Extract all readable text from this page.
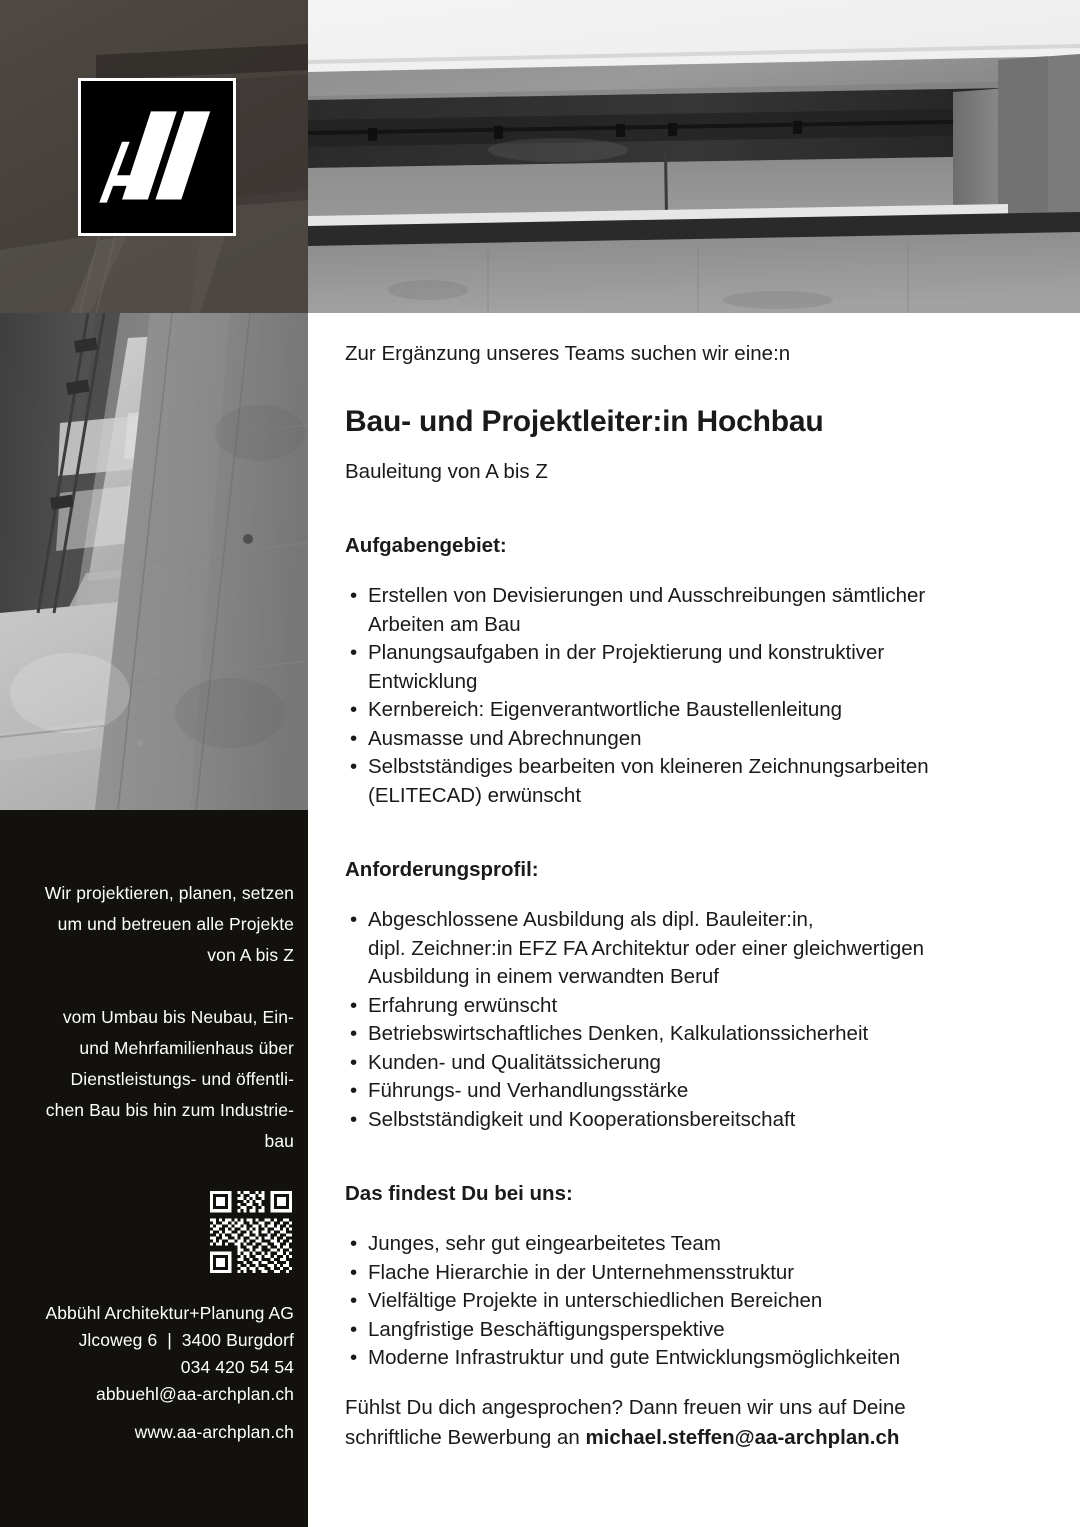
Wir projektieren, planen, setzen
um und betreuen alle Projekte
von A bis Z
vom Umbau bis Neubau, Ein-
und Mehrfamilienhaus über
Dienstleistungs- und öffentli-
chen Bau bis hin zum Industrie-
bau
Abbühl Architektur+Planung AG
Jlcoweg 6  |  3400 Burgdorf
034 420 54 54
abbuehl@aa-archplan.ch
www.aa-archplan.ch

Zur Ergänzung unseres Teams suchen wir eine:n

Bau- und Projektleiter:in Hochbau

Bauleitung von A bis Z

Aufgabengebiet:
• Erstellen von Devisierungen und Ausschreibungen sämtlicher
Arbeiten am Bau
• Planungsaufgaben in der Projektierung und konstruktiver
Entwicklung
• Kernbereich: Eigenverantwortliche Baustellenleitung
• Ausmasse und Abrechnungen
• Selbstständiges bearbeiten von kleineren Zeichnungsarbeiten
(ELITECAD) erwünscht
Anforderungsprofil:
• Abgeschlossene Ausbildung als dipl. Bauleiter:in,
dipl. Zeichner:in EFZ FA Architektur oder einer gleichwertigen
Ausbildung in einem verwandten Beruf
• Erfahrung erwünscht
• Betriebswirtschaftliches Denken, Kalkulationssicherheit
• Kunden- und Qualitätssicherung
• Führungs- und Verhandlungsstärke
• Selbstständigkeit und Kooperationsbereitschaft
Das findest Du bei uns:
• Junges, sehr gut eingearbeitetes Team
• Flache Hierarchie in der Unternehmensstruktur
• Vielfältige Projekte in unterschiedlichen Bereichen
• Langfristige Beschäftigungsperspektive
• Moderne Infrastruktur und gute Entwicklungsmöglichkeiten
Fühlst Du dich angesprochen? Dann freuen wir uns auf Deine
schriftliche Bewerbung an michael.steffen@aa-archplan.ch
